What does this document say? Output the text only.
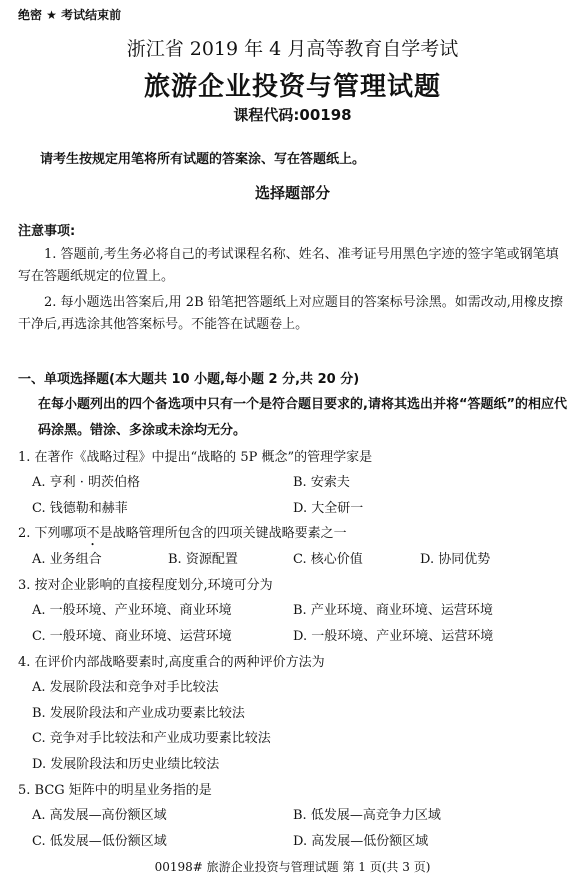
绝密 ★ 考试结束前
浙江省 2019 年 4 月高等教育自学考试
旅游企业投资与管理试题
课程代码:00198
请考生按规定用笔将所有试题的答案涂、写在答题纸上。
选择题部分
注意事项:
1. 答题前,考生务必将自己的考试课程名称、姓名、准考证号用黑色字迹的签字笔或钢笔填写在答题纸规定的位置上。
2. 每小题选出答案后,用 2B 铅笔把答题纸上对应题目的答案标号涂黑。如需改动,用橡皮擦干净后,再选涂其他答案标号。不能答在试题卷上。
一、单项选择题(本大题共 10 小题,每小题 2 分,共 20 分)
在每小题列出的四个备选项中只有一个是符合题目要求的,请将其选出并将“答题纸”的相应代码涂黑。错涂、多涂或未涂均无分。
1. 在著作《战略过程》中提出“战略的 5P 概念”的管理学家是
A. 亨利 · 明茨伯格	B. 安索夫
C. 钱德勒和赫菲	D. 大全研一
2. 下列哪项不是战略管理所包含的四项关键战略要素之一
A. 业务组合	B. 资源配置	C. 核心价值	D. 协同优势
3. 按对企业影响的直接程度划分,环境可分为
A. 一般环境、产业环境、商业环境	B. 产业环境、商业环境、运营环境
C. 一般环境、商业环境、运营环境	D. 一般环境、产业环境、运营环境
4. 在评价内部战略要素时,高度重合的两种评价方法为
A. 发展阶段法和竞争对手比较法
B. 发展阶段法和产业成功要素比较法
C. 竞争对手比较法和产业成功要素比较法
D. 发展阶段法和历史业绩比较法
5. BCG 矩阵中的明星业务指的是
A. 高发展—高份额区域	B. 低发展—高竞争力区域
C. 低发展—低份额区域	D. 高发展—低份额区域
00198# 旅游企业投资与管理试题 第 1 页(共 3 页)
